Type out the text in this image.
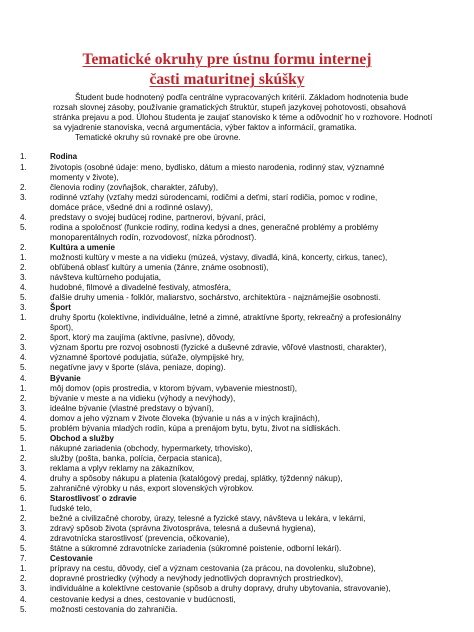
Tematické okruhy pre ústnu formu internej
časti maturitnej skúšky

Študent bude hodnotený podľa centrálne vypracovaných kritérií. Základom hodnotenia bude rozsah slovnej zásoby, používanie gramatických štruktúr, stupeň jazykovej pohotovosti, obsahová stránka prejavu a pod. Úlohou študenta je zaujať stanovisko k téme a odôvodniť ho v rozhovore. Hodnotí sa vyjadrenie stanoviska, vecná argumentácia, výber faktov a informácií, gramatika.

Tematické okruhy sú rovnaké pre obe úrovne.

1.	Rodina
1.	životopis (osobné údaje: meno, bydlisko, dátum a miesto narodenia, rodinný stav, významné
momenty v živote),
2.	členovia rodiny (zovňajšok, charakter, záľuby),
3.	rodinné vzťahy (vzťahy medzi súrodencami, rodičmi a deťmi, starí rodičia, pomoc v rodine,
domáce práce, všedné dni a rodinné oslavy),
4.	predstavy o svojej budúcej rodine, partnerovi, bývaní, práci,
5.	rodina a spoločnosť (funkcie rodiny, rodina kedysi a dnes, generačné problémy a problémy
monoparentálnych rodín, rozvodovosť, nízka pôrodnosť).
2.	Kultúra a umenie
1.	možnosti kultúry v meste a na vidieku (múzeá, výstavy, divadlá, kiná, koncerty, cirkus, tanec),
2.	obľúbená oblasť kultúry a umenia (žánre, známe osobnosti),
3.	návšteva kultúrneho podujatia,
4.	hudobné, filmové a divadelné festivaly, atmosféra,
5.	ďalšie druhy umenia - folklór, maliarstvo, sochárstvo, architektúra - najznámejšie osobnosti.
3.	Šport
1.	druhy športu (kolektívne, individuálne, letné a zimné, atraktívne športy, rekreačný a profesionálny
šport),
2.	šport, ktorý ma zaujíma (aktívne, pasívne), dôvody,
3.	význam športu pre rozvoj osobnosti (fyzické a duševné zdravie, vôľové vlastnosti, charakter),
4.	významné športové podujatia, súťaže, olympijské hry,
5.	negatívne javy v športe (sláva, peniaze, doping).
4.	Bývanie
1.	môj domov (opis prostredia, v ktorom bývam, vybavenie miestností),
2.	bývanie v meste a na vidieku (výhody a nevýhody),
3.	ideálne bývanie (vlastné predstavy o bývaní),
4.	domov a jeho význam v živote človeka (bývanie u nás a v iných krajinách),
5.	problém bývania mladých rodín, kúpa a prenájom bytu, bytu, život na sídliskách.
5.	Obchod a služby
1.	nákupné zariadenia (obchody, hypermarkety, trhovisko),
2.	služby (pošta, banka, polícia, čerpacia stanica),
3.	reklama a vplyv reklamy na zákazníkov,
4.	druhy a spôsoby nákupu a platenia (katalógový predaj, splátky, týždenný nákup),
5.	zahraničné výrobky u nás, export slovenských výrobkov.
6.	Starostlivosť o zdravie
1.	ľudské telo,
2.	bežné a civilizačné choroby, úrazy, telesné a fyzické stavy, návšteva u lekára, v lekárni,
3.	zdravý spôsob života (správna životospráva, telesná a duševná hygiena),
4.	zdravotnícka starostlivosť (prevencia, očkovanie),
5.	štátne a súkromné zdravotnícke zariadenia (súkromné poistenie, odborní lekári).
7.	Cestovanie
1.	prípravy na cestu, dôvody, cieľ a význam cestovania (za prácou, na dovolenku, služobne),
2.	dopravné prostriedky (výhody a nevýhody jednotlivých dopravných prostriedkov),
3.	individuálne a kolektívne cestovanie (spôsob a druhy dopravy, druhy ubytovania, stravovanie),
4.	cestovanie kedysi a dnes, cestovanie v budúcnosti,
5.	možnosti cestovania do zahraničia.
